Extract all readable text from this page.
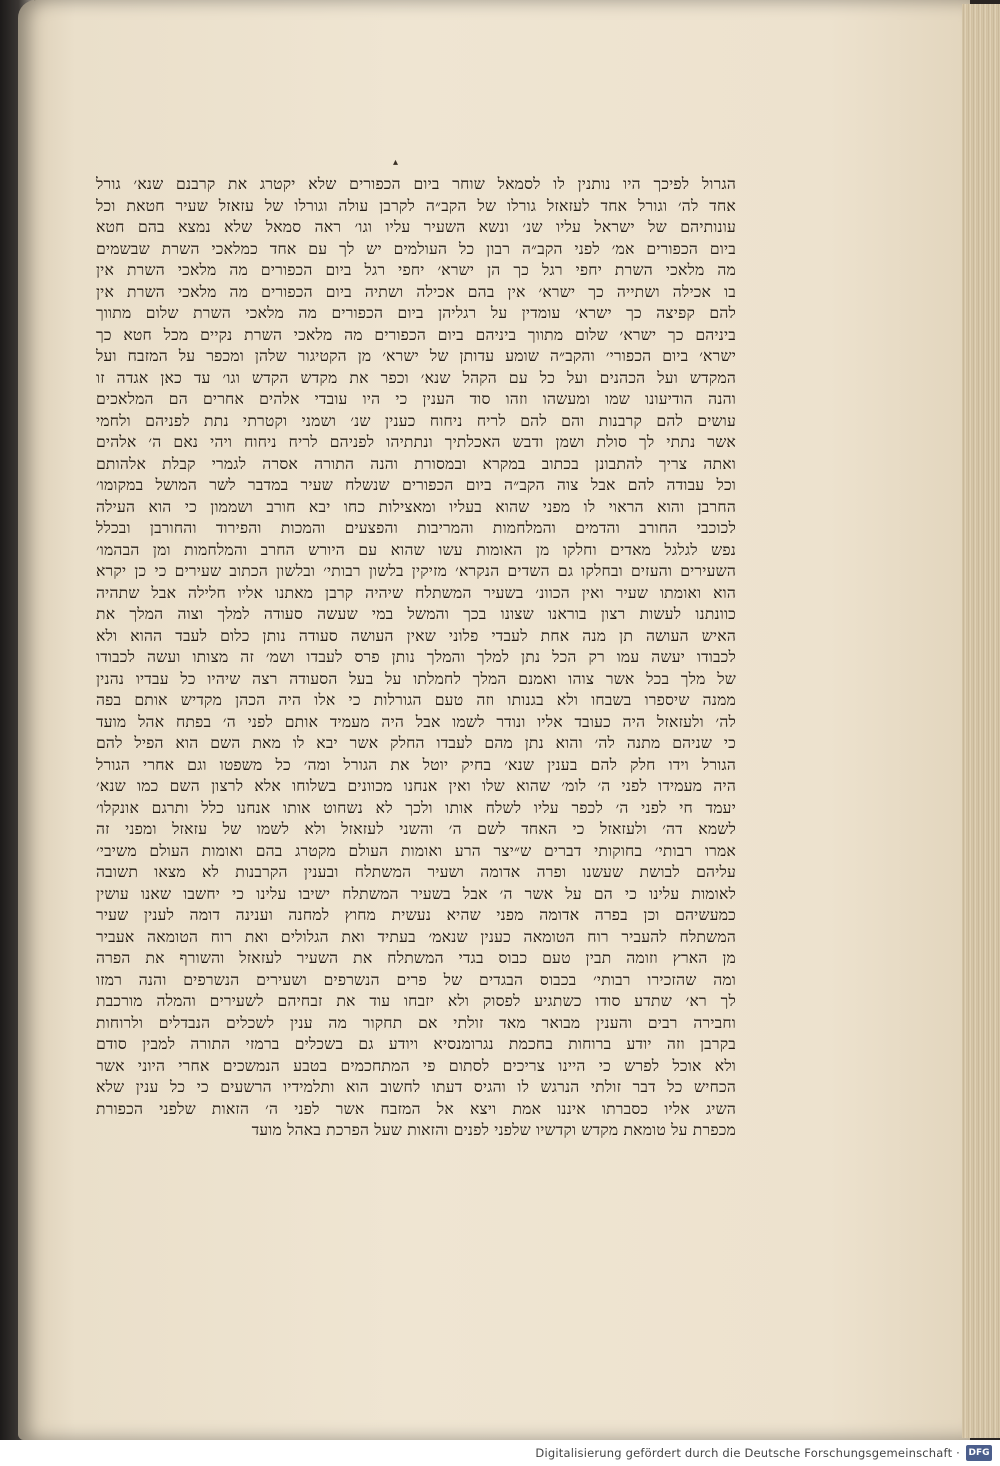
▴
הגרול לפיכך היו נותנין לו לסמאל שוחר ביום הכפורים שלא יקטרג את קרבנם שנא׳ גורל
אחד לה׳ וגורל אחד לעזאזל גורלו של הקב״ה לקרבן עולה וגורלו של עזאזל שעיר חטאת וכל
עונותיהם של ישראל עליו שנ׳ ונשא השעיר עליו וגו׳ ראה סמאל שלא נמצא בהם חטא
ביום הכפורים אמ׳ לפני הקב״ה רבון כל העולמים יש לך עם אחד כמלאכי השרת שבשמים
מה מלאכי השרת יחפי רגל כך הן ישרא׳ יחפי רגל ביום הכפורים מה מלאכי השרת אין
בו אכילה ושתייה כך ישרא׳ אין בהם אכילה ושתיה ביום הכפורים מה מלאכי השרת אין
להם קפיצה כך ישרא׳ עומדין על רגליהן ביום הכפורים מה מלאכי השרת שלום מתווך
ביניהם כך ישרא׳ שלום מתווך ביניהם ביום הכפורים מה מלאכי השרת נקיים מכל חטא כך
ישרא׳ ביום הכפורי׳ והקב״ה שומע עדותן של ישרא׳ מן הקטיגור שלהן ומכפר על המזבח ועל
המקדש ועל הכהנים ועל כל עם הקהל שנא׳ וכפר את מקדש הקדש וגו׳ עד כאן אגדה זו
והנה הודיעונו שמו ומעשהו וזהו סוד הענין כי היו עובדי אלהים אחרים הם המלאכים
עושים להם קרבנות והם להם לריח ניחוח כענין שנ׳ ושמני וקטרתי נתת לפניהם ולחמי
אשר נתתי לך סולת ושמן ודבש האכלתיך ונתתיהו לפניהם לריח ניחוח ויהי נאם ה׳ אלהים
ואתה צריך להתבונן בכתוב במקרא ובמסורת והנה התורה אסרה לגמרי קבלת אלהותם
וכל עבודה להם אבל צוה הקב״ה ביום הכפורים שנשלח שעיר במדבר לשר המושל במקומו׳
החרבן והוא הראוי לו מפני שהוא בעליו ומאצילות כחו יבא חורב ושממון כי הוא העילה
לכוכבי החורב והדמים והמלחמות והמריבות והפצעים והמכות והפירוד והחורבן ובכלל
נפש לגלגל מאדים וחלקו מן האומות עשו שהוא עם היורש החרב והמלחמות ומן הבהמו׳
השעירים והעזים ובחלקו גם השדים הנקרא׳ מזיקין בלשון רבותי׳ ובלשון הכתוב שעירים כי כן יקרא
הוא ואומתו שעיר ואין הכוונ׳ בשעיר המשתלח שיהיה קרבן מאתנו אליו חלילה אבל שתהיה
כוונתנו לעשות רצון בוראנו שצונו בכך והמשל במי שעשה סעודה למלך וצוה המלך את
האיש העושה תן מנה אחת לעבדי פלוני שאין העושה סעודה נותן כלום לעבד ההוא ולא
לכבודו יעשה עמו רק הכל נתן למלך והמלך נותן פרס לעבדו ושמ׳ זה מצותו ועשה לכבודו
של מלך בכל אשר צוהו ואמנם המלך לחמלתו על בעל הסעודה רצה שיהיו כל עבדיו נהנין
ממנה שיספרו בשבחו ולא בגנותו וזה טעם הגורלות כי אלו היה הכהן מקדיש אותם בפה
לה׳ ולעזאזל היה כעובד אליו ונודר לשמו אבל היה מעמיד אותם לפני ה׳ בפתח אהל מועד
כי שניהם מתנה לה׳ והוא נתן מהם לעבדו החלק אשר יבא לו מאת השם הוא הפיל להם
הגורל וידו חלק להם בענין שנא׳ בחיק יוטל את הגורל ומה׳ כל משפטו וגם אחרי הגורל
היה מעמידו לפני ה׳ לומ׳ שהוא שלו ואין אנחנו מכוונים בשלוחו אלא לרצון השם כמו שנא׳
יעמד חי לפני ה׳ לכפר עליו לשלח אותו ולכך לא נשחוט אותו אנחנו כלל ותרגם אונקלו׳
לשמא דה׳ ולעזאזל כי האחד לשם ה׳ והשני לעזאזל ולא לשמו של עזאזל ומפני זה
אמרו רבותי׳ בחוקותי דברים ש״יצר הרע ואומות העולם מקטרג בהם ואומות העולם משיבי׳
עליהם לבושת שעשנו ופרה אדומה ושעיר המשתלח ובענין הקרבנות לא מצאו תשובה
לאומות עלינו כי הם על אשר ה׳ אבל בשעיר המשתלח ישיבו עלינו כי יחשבו שאנו עושין
כמעשיהם וכן בפרה אדומה מפני שהיא נעשית מחוץ למחנה וענינה דומה לענין שעיר
המשתלח להעביר רוח הטומאה כענין שנאמ׳ בעתיד ואת הגלולים ואת רוח הטומאה אעביר
מן הארץ וזומה תבין טעם כבוס בגדי המשתלח את השעיר לעזאזל והשורף את הפרה
ומה שהזכירו רבותי׳ בכבוס הבגדים של פרים הנשרפים ושעירים הנשרפים והנה רמזו
לך רא׳ שתדע סודו כשתגיע לפסוק ולא יזבחו עוד את זבחיהם לשעירים והמלה מורכבת
וחבירה רבים והענין מבואר מאד זולתי אם תחקור מה ענין לשכלים הנבדלים ולרוחות
בקרבן וזה יודע ברוחות בחכמת נגרומנסיא ויודע גם בשכלים ברמזי התורה למבין סודם
ולא אוכל לפרש כי היינו צריכים לסתום פי המתחכמים בטבע הנמשכים אחרי היוני אשר
הכחיש כל דבר זולתי הנרגש לו והגיס דעתו לחשוב הוא ותלמידיו הרשעים כי כל ענין שלא
השיג אליו כסברתו איננו אמת ויצא אל המזבח אשר לפני ה׳ הזאות שלפני הכפורת
מכפרת על טומאת מקדש וקדשיו שלפני לפנים והזאות שעל הפרכת באהל מועד
Digitalisierung gefördert durch die Deutsche Forschungsgemeinschaft · DFG
